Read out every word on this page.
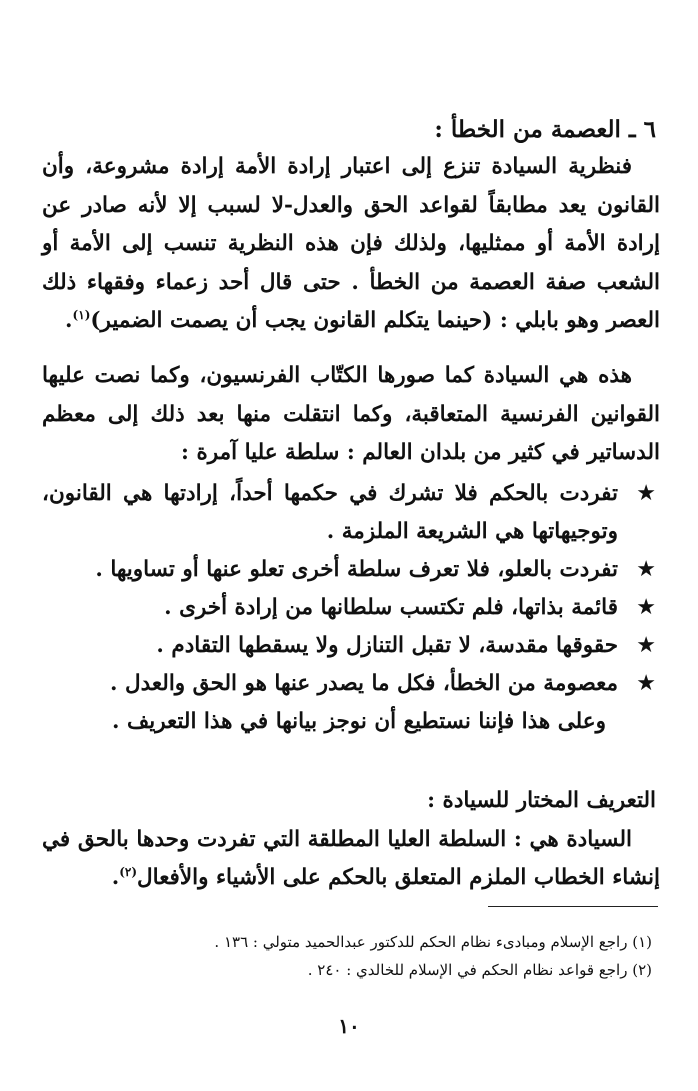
٦ ـ العصمة من الخطأ :

فنظرية السيادة تنزع إلى اعتبار إرادة الأمة إرادة مشروعة، وأن القانون يعد مطابقاً لقواعد الحق والعدل-لا لسبب إلا لأنه صادر عن إرادة الأمة أو ممثليها، ولذلك فإن هذه النظرية تنسب إلى الأمة أو الشعب صفة العصمة من الخطأ . حتى قال أحد زعماء وفقهاء ذلك العصر وهو بابلي : (حينما يتكلم القانون يجب أن يصمت الضمير)$^{(١)}$.

هذه هي السيادة كما صورها الكتّاب الفرنسيون، وكما نصت عليها القوانين الفرنسية المتعاقبة، وكما انتقلت منها بعد ذلك إلى معظم الدساتير في كثير من بلدان العالم : سلطة عليا آمرة :

★
تفردت بالحكم فلا تشرك في حكمها أحداً، إرادتها هي القانون، وتوجيهاتها هي الشريعة الملزمة .
★
تفردت بالعلو، فلا تعرف سلطة أخرى تعلو عنها أو تساويها .
★
قائمة بذاتها، فلم تكتسب سلطانها من إرادة أخرى .
★
حقوقها مقدسة، لا تقبل التنازل ولا يسقطها التقادم .
★
معصومة من الخطأ، فكل ما يصدر عنها هو الحق والعدل .

وعلى هذا فإننا نستطيع أن نوجز بيانها في هذا التعريف .

التعريف المختار للسيادة :

السيادة هي : السلطة العليا المطلقة التي تفردت وحدها بالحق في إنشاء الخطاب الملزم المتعلق بالحكم على الأشياء والأفعال$^{(٢)}$.

(١) راجع الإسلام ومبادىء نظام الحكم للدكتور عبدالحميد متولي : ١٣٦ .
(٢) راجع قواعد نظام الحكم في الإسلام للخالدي : ٢٤٠ .
١٠
